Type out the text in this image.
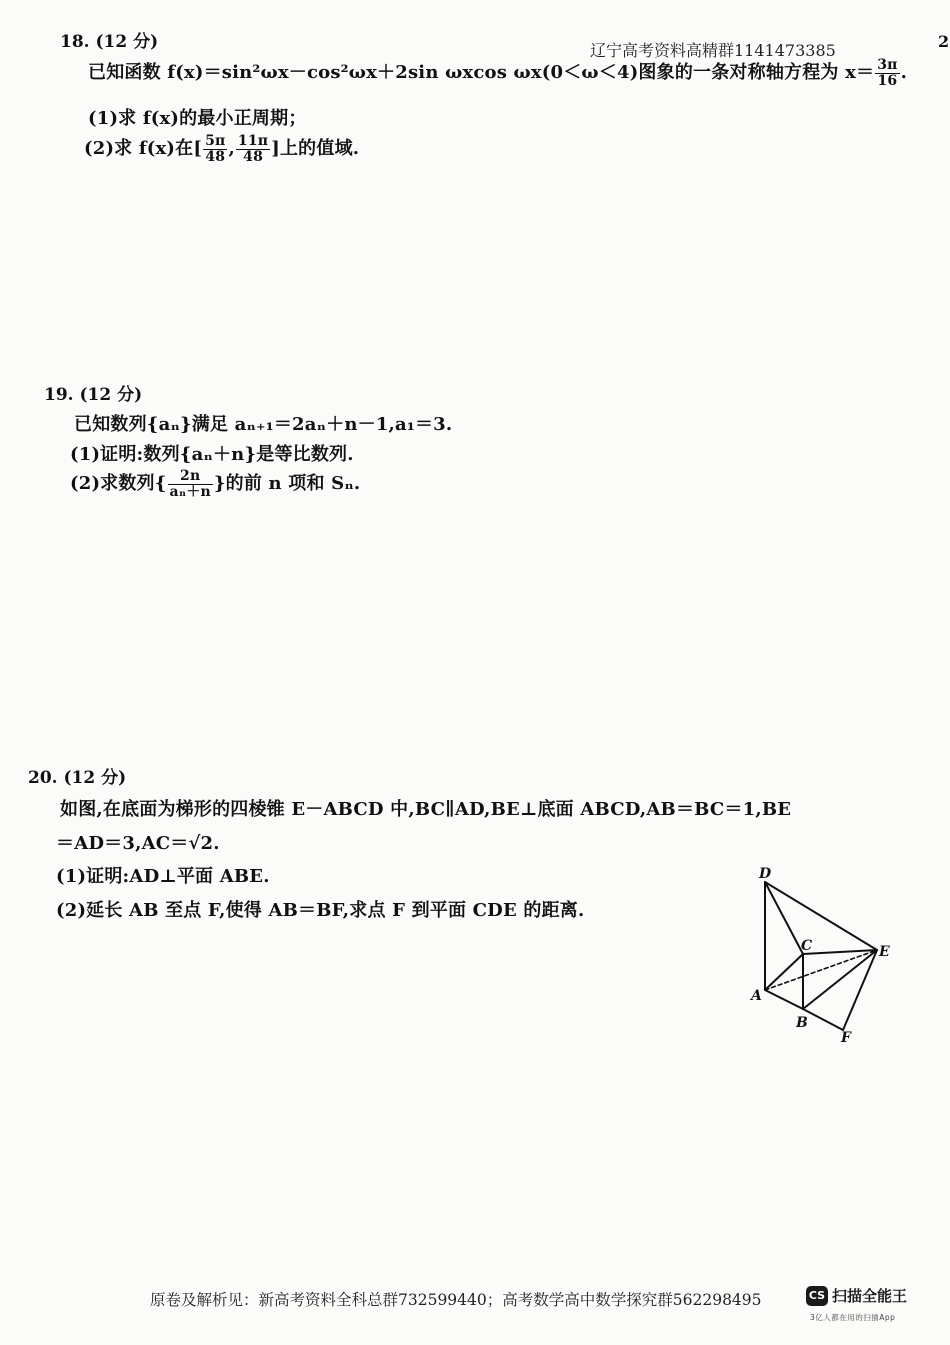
辽宁高考资料高精群1141473385	2
18. (12 分)
已知函数 f(x)＝sin²ωx－cos²ωx＋2sin ωxcos ωx(0＜ω＜4)图象的一条对称轴方程为 $x= \frac{3\pi}{16}$ .
(1)求 f(x)的最小正周期；
(2)求 f(x)在[ $\frac{5\pi}{48}$ , $\frac{11\pi}{48}$ ]上的值域.
19. (12 分)
已知数列{aₙ}满足 aₙ₊₁＝2aₙ＋n－1,a₁＝3.
(1)证明:数列{aₙ＋n}是等比数列.
(2)求数列{ $\frac{2n}{\text{aₙ＋n}}$ }的前 n 项和 Sₙ.
20. (12 分)
如图,在底面为梯形的四棱锥 E－ABCD 中,BC∥AD,BE⊥底面 ABCD,AB＝BC＝1,BE
＝AD＝3,AC＝√2.
(1)证明:AD⊥平面 ABE.
(2)延长 AB 至点 F,使得 AB＝BF,求点 F 到平面 CDE 的距离.
D
C	E
A
B
F
原卷及解析见：新高考资料全科总群732599440；高考数学高中数学探究群562298495	CS 扫描全能王
3亿人都在用的扫描App
